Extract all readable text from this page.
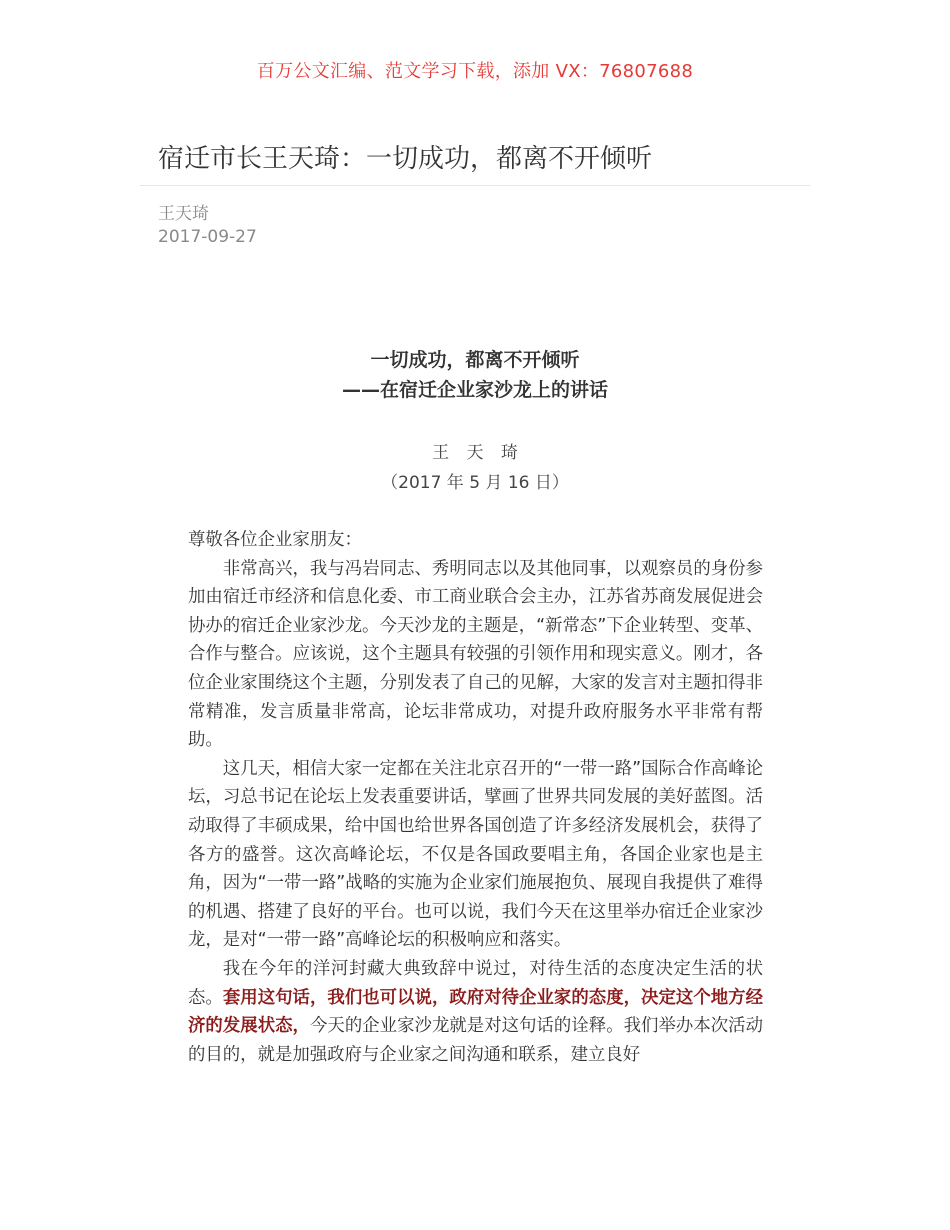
百万公文汇编、范文学习下载，添加 VX：76807688
宿迁市长王天琦：一切成功，都离不开倾听
王天琦
2017-09-27
一切成功，都离不开倾听
——在宿迁企业家沙龙上的讲话
王 天 琦
（2017 年 5 月 16 日）

尊敬各位企业家朋友：

非常高兴，我与冯岩同志、秀明同志以及其他同事，以观察员的身份参加由宿迁市经济和信息化委、市工商业联合会主办，江苏省苏商发展促进会协办的宿迁企业家沙龙。今天沙龙的主题是，“新常态”下企业转型、变革、合作与整合。应该说，这个主题具有较强的引领作用和现实意义。刚才，各位企业家围绕这个主题，分别发表了自己的见解，大家的发言对主题扣得非常精准，发言质量非常高，论坛非常成功，对提升政府服务水平非常有帮助。

这几天，相信大家一定都在关注北京召开的“一带一路”国际合作高峰论坛，习总书记在论坛上发表重要讲话，擘画了世界共同发展的美好蓝图。活动取得了丰硕成果，给中国也给世界各国创造了许多经济发展机会，获得了各方的盛誉。这次高峰论坛，不仅是各国政要唱主角，各国企业家也是主角，因为“一带一路”战略的实施为企业家们施展抱负、展现自我提供了难得的机遇、搭建了良好的平台。也可以说，我们今天在这里举办宿迁企业家沙龙，是对“一带一路”高峰论坛的积极响应和落实。

我在今年的洋河封藏大典致辞中说过，对待生活的态度决定生活的状态。套用这句话，我们也可以说，政府对待企业家的态度，决定这个地方经济的发展状态，今天的企业家沙龙就是对这句话的诠释。我们举办本次活动的目的，就是加强政府与企业家之间沟通和联系，建立良好
